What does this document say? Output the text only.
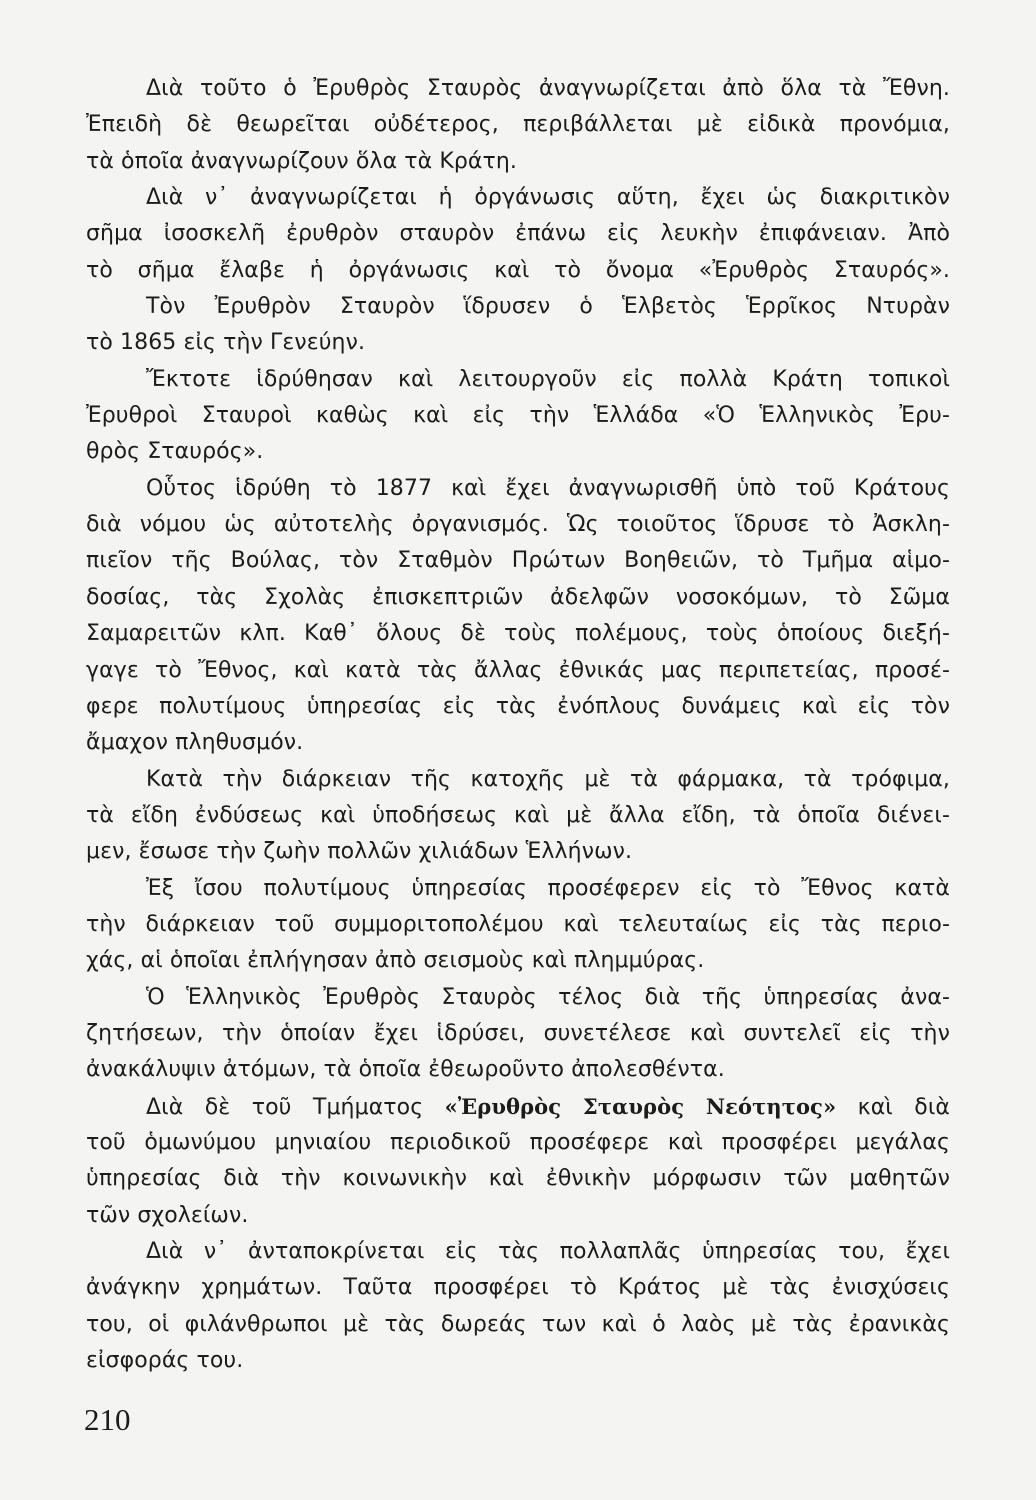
Διὰ τοῦτο ὁ Ἐρυθρὸς Σταυρὸς ἀναγνωρίζεται ἀπὸ ὅλα τὰ Ἔθνη.
Ἐπειδὴ δὲ θεωρεῖται οὐδέτερος, περιβάλλεται μὲ εἰδικὰ προνόμια,
τὰ ὁποῖα ἀναγνωρίζουν ὅλα τὰ Κράτη.
Διὰ ν᾿ ἀναγνωρίζεται ἡ ὀργάνωσις αὕτη, ἔχει ὡς διακριτικὸν
σῆμα ἰσοσκελῆ ἐρυθρὸν σταυρὸν ἐπάνω εἰς λευκὴν ἐπιφάνειαν. Ἀπὸ
τὸ σῆμα ἔλαβε ἡ ὀργάνωσις καὶ τὸ ὄνομα «Ἐρυθρὸς Σταυρός».
Τὸν Ἐρυθρὸν Σταυρὸν ἵδρυσεν ὁ Ἑλβετὸς Ἑρρῖκος Ντυρὰν
τὸ 1865 εἰς τὴν Γενεύην.
Ἔκτοτε ἱδρύθησαν καὶ λειτουργοῦν εἰς πολλὰ Κράτη τοπικοὶ
Ἐρυθροὶ Σταυροὶ καθὼς καὶ εἰς τὴν Ἑλλάδα «Ὁ Ἑλληνικὸς Ἐρυ-
θρὸς Σταυρός».
Οὗτος ἱδρύθη τὸ 1877 καὶ ἔχει ἀναγνωρισθῆ ὑπὸ τοῦ Κράτους
διὰ νόμου ὡς αὐτοτελὴς ὀργανισμός. Ὡς τοιοῦτος ἵδρυσε τὸ Ἀσκλη-
πιεῖον τῆς Βούλας, τὸν Σταθμὸν Πρώτων Βοηθειῶν, τὸ Τμῆμα αἱμο-
δοσίας, τὰς Σχολὰς ἐπισκεπτριῶν ἀδελφῶν νοσοκόμων, τὸ Σῶμα
Σαμαρειτῶν κλπ. Καθ᾿ ὅλους δὲ τοὺς πολέμους, τοὺς ὁποίους διεξή-
γαγε τὸ Ἔθνος, καὶ κατὰ τὰς ἄλλας ἐθνικάς μας περιπετείας, προσέ-
φερε πολυτίμους ὑπηρεσίας εἰς τὰς ἐνόπλους δυνάμεις καὶ εἰς τὸν
ἄμαχον πληθυσμόν.
Κατὰ τὴν διάρκειαν τῆς κατοχῆς μὲ τὰ φάρμακα, τὰ τρόφιμα,
τὰ εἴδη ἐνδύσεως καὶ ὑποδήσεως καὶ μὲ ἄλλα εἴδη, τὰ ὁποῖα διένει-
μεν, ἔσωσε τὴν ζωὴν πολλῶν χιλιάδων Ἑλλήνων.
Ἐξ ἴσου πολυτίμους ὑπηρεσίας προσέφερεν εἰς τὸ Ἔθνος κατὰ
τὴν διάρκειαν τοῦ συμμοριτοπολέμου καὶ τελευταίως εἰς τὰς περιο-
χάς, αἱ ὁποῖαι ἐπλήγησαν ἀπὸ σεισμοὺς καὶ πλημμύρας.
Ὁ Ἑλληνικὸς Ἐρυθρὸς Σταυρὸς τέλος διὰ τῆς ὑπηρεσίας ἀνα-
ζητήσεων, τὴν ὁποίαν ἔχει ἱδρύσει, συνετέλεσε καὶ συντελεῖ εἰς τὴν
ἀνακάλυψιν ἀτόμων, τὰ ὁποῖα ἐθεωροῦντο ἀπολεσθέντα.
Διὰ δὲ τοῦ Τμήματος «Ἐρυθρὸς Σταυρὸς Νεότητος» καὶ διὰ
τοῦ ὁμωνύμου μηνιαίου περιοδικοῦ προσέφερε καὶ προσφέρει μεγάλας
ὑπηρεσίας διὰ τὴν κοινωνικὴν καὶ ἐθνικὴν μόρφωσιν τῶν μαθητῶν
τῶν σχολείων.
Διὰ ν᾿ ἀνταποκρίνεται εἰς τὰς πολλαπλᾶς ὑπηρεσίας του, ἔχει
ἀνάγκην χρημάτων. Ταῦτα προσφέρει τὸ Κράτος μὲ τὰς ἐνισχύσεις
του, οἱ φιλάνθρωποι μὲ τὰς δωρεάς των καὶ ὁ λαὸς μὲ τὰς ἐρανικὰς
εἰσφοράς του.
210
